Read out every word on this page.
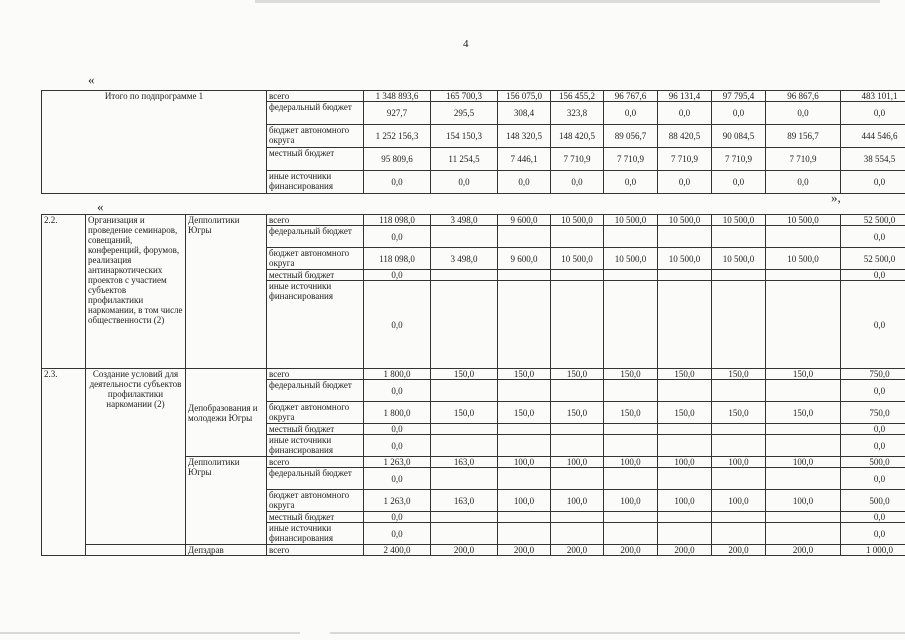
4
«
Итого по подпрограмме 1	всего	1 348 893,6	165 700,3	156 075,0	156 455,2	96 767,6	96 131,4	97 795,4	96 867,6	483 101,1
	федеральный бюджет	927,7	295,5	308,4	323,8	0,0	0,0	0,0	0,0	0,0
	бюджет автономного округа	1 252 156,3	154 150,3	148 320,5	148 420,5	89 056,7	88 420,5	90 084,5	89 156,7	444 546,6
	местный бюджет	95 809,6	11 254,5	7 446,1	7 710,9	7 710,9	7 710,9	7 710,9	7 710,9	38 554,5
	иные источники финансирования	0,0	0,0	0,0	0,0	0,0	0,0	0,0	0,0	0,0
»,
«
2.2.	Организация и проведение семинаров, совещаний, конференций, форумов, реализация антинаркотических проектов с участием субъектов профилактики наркомании, в том числе общественности (2)	Депполитики Югры	всего	118 098,0	3 498,0	9 600,0	10 500,0	10 500,0	10 500,0	10 500,0	10 500,0	52 500,0
			федеральный бюджет	0,0								0,0
			бюджет автономного округа	118 098,0	3 498,0	9 600,0	10 500,0	10 500,0	10 500,0	10 500,0	10 500,0	52 500,0
			местный бюджет	0,0								0,0
			иные источники финансирования	0,0								0,0
2.3.	Создание условий для деятельности субъектов профилактики наркомании (2)	Депобразования и молодежи Югры	всего	1 800,0	150,0	150,0	150,0	150,0	150,0	150,0	150,0	750,0
			федеральный бюджет	0,0								0,0
			бюджет автономного округа	1 800,0	150,0	150,0	150,0	150,0	150,0	150,0	150,0	750,0
			местный бюджет	0,0								0,0
			иные источники финансирования	0,0								0,0
		Депполитики Югры	всего	1 263,0	163,0	100,0	100,0	100,0	100,0	100,0	100,0	500,0
			федеральный бюджет	0,0								0,0
			бюджет автономного округа	1 263,0	163,0	100,0	100,0	100,0	100,0	100,0	100,0	500,0
			местный бюджет	0,0								0,0
			иные источники финансирования	0,0								0,0
		Депздрав	всего	2 400,0	200,0	200,0	200,0	200,0	200,0	200,0	200,0	1 000,0
